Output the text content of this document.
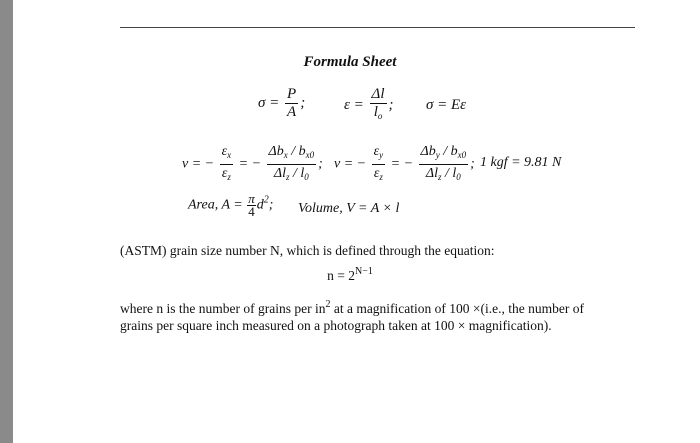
Formula Sheet
$\sigma = \frac{P}{A}$ ;	$\varepsilon = \frac{\Delta l}{l_o}$ ; σ = Eε
ν = − $\frac{\varepsilon_x}{\varepsilon_z}$ = − $\frac{\Delta b_x / b_{x0}}{\Delta l_z / l_0}$ ; ν = − $\frac{\varepsilon_y}{\varepsilon_z}$ = − $\frac{\Delta b_y / b_{x0}}{\Delta l_z / l_0}$ ; 1 kgf = 9.81 N
Area, $A = \frac{\pi}{4} d^2$; Volume, V = A × l
(ASTM) grain size number N, which is defined through the equation:
$n = 2^{N-1}$
where n is the number of grains per $in^2$ at a magnification of 100 ×(i.e., the number of
grains per square inch measured on a photograph taken at 100 × magnification).
